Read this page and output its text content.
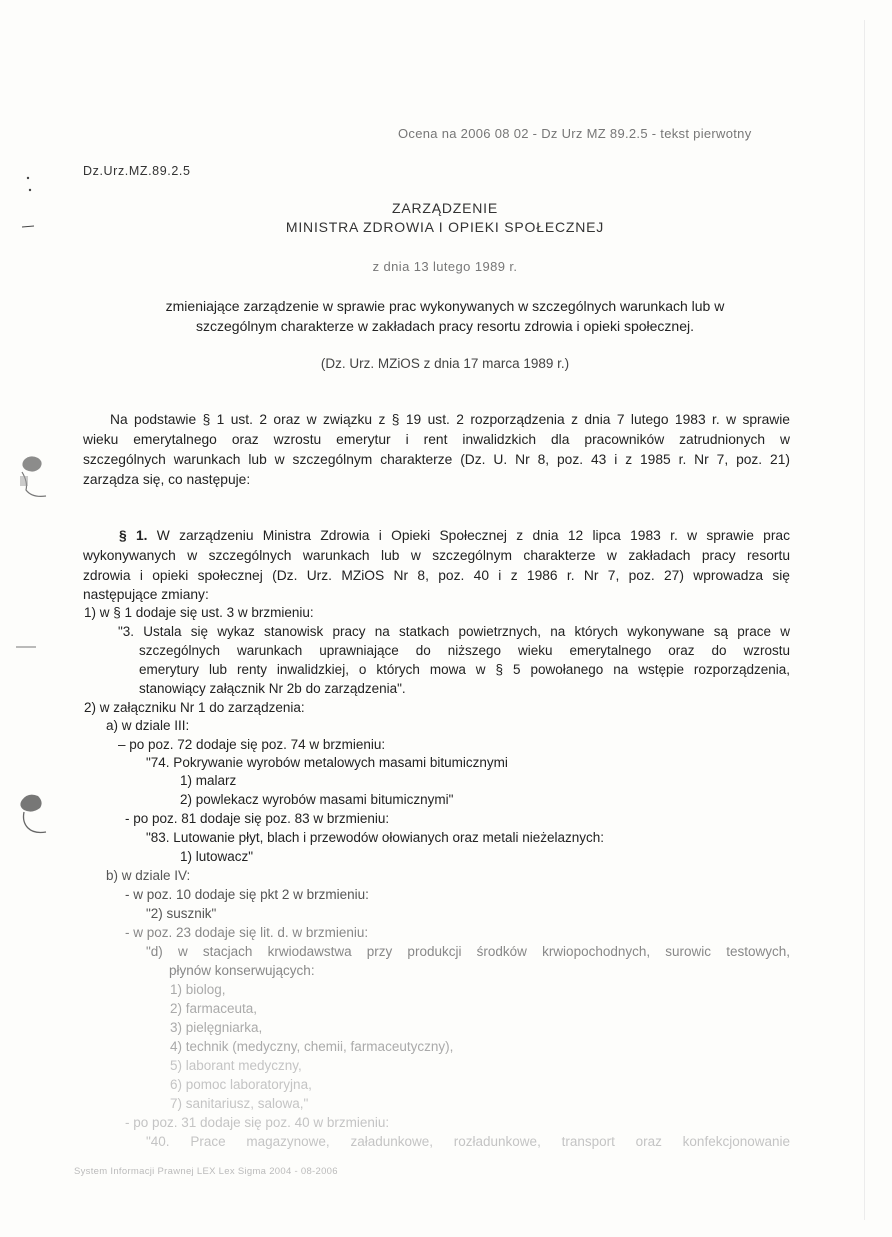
Ocena na 2006 08 02 - Dz Urz MZ 89.2.5 - tekst pierwotny
Dz.Urz.MZ.89.2.5
ZARZĄDZENIE
MINISTRA ZDROWIA I OPIEKI SPOŁECZNEJ
z dnia 13 lutego 1989 r.
zmieniające zarządzenie w sprawie prac wykonywanych w szczególnych warunkach lub w
szczególnym charakterze w zakładach pracy resortu zdrowia i opieki społecznej.
(Dz. Urz. MZiOS z dnia 17 marca 1989 r.)
Na podstawie § 1 ust. 2 oraz w związku z § 19 ust. 2 rozporządzenia z dnia 7 lutego 1983 r. w sprawie
wieku emerytalnego oraz wzrostu emerytur i rent inwalidzkich dla pracowników zatrudnionych w
szczególnych warunkach lub w szczególnym charakterze (Dz. U. Nr 8, poz. 43 i z 1985 r. Nr 7, poz. 21)
zarządza się, co następuje:
§ 1. W zarządzeniu Ministra Zdrowia i Opieki Społecznej z dnia 12 lipca 1983 r. w sprawie prac
wykonywanych w szczególnych warunkach lub w szczególnym charakterze w zakładach pracy resortu
zdrowia i opieki społecznej (Dz. Urz. MZiOS Nr 8, poz. 40 i z 1986 r. Nr 7, poz. 27) wprowadza się
następujące zmiany:
1) w § 1 dodaje się ust. 3 w brzmieniu:
"3. Ustala się wykaz stanowisk pracy na statkach powietrznych, na których wykonywane są prace w
szczególnych warunkach uprawniające do niższego wieku emerytalnego oraz do wzrostu
emerytury lub renty inwalidzkiej, o których mowa w § 5 powołanego na wstępie rozporządzenia,
stanowiący załącznik Nr 2b do zarządzenia".
2) w załączniku Nr 1 do zarządzenia:
a) w dziale III:
– po poz. 72 dodaje się poz. 74 w brzmieniu:
"74. Pokrywanie wyrobów metalowych masami bitumicznymi
1) malarz
2) powlekacz wyrobów masami bitumicznymi"
- po poz. 81 dodaje się poz. 83 w brzmieniu:
"83. Lutowanie płyt, blach i przewodów ołowianych oraz metali nieżelaznych:
1) lutowacz"
b) w dziale IV:
- w poz. 10 dodaje się pkt 2 w brzmieniu:
"2) susznik"
- w poz. 23 dodaje się lit. d. w brzmieniu:
"d) w stacjach krwiodawstwa przy produkcji środków krwiopochodnych, surowic testowych,
płynów konserwujących:
1) biolog,
2) farmaceuta,
3) pielęgniarka,
4) technik (medyczny, chemii, farmaceutyczny),
5) laborant medyczny,
6) pomoc laboratoryjna,
7) sanitariusz, salowa,"
- po poz. 31 dodaje się poz. 40 w brzmieniu:
"40. Prace magazynowe, załadunkowe, rozładunkowe, transport oraz konfekcjonowanie
System Informacji Prawnej LEX Lex Sigma 2004 - 08-2006
